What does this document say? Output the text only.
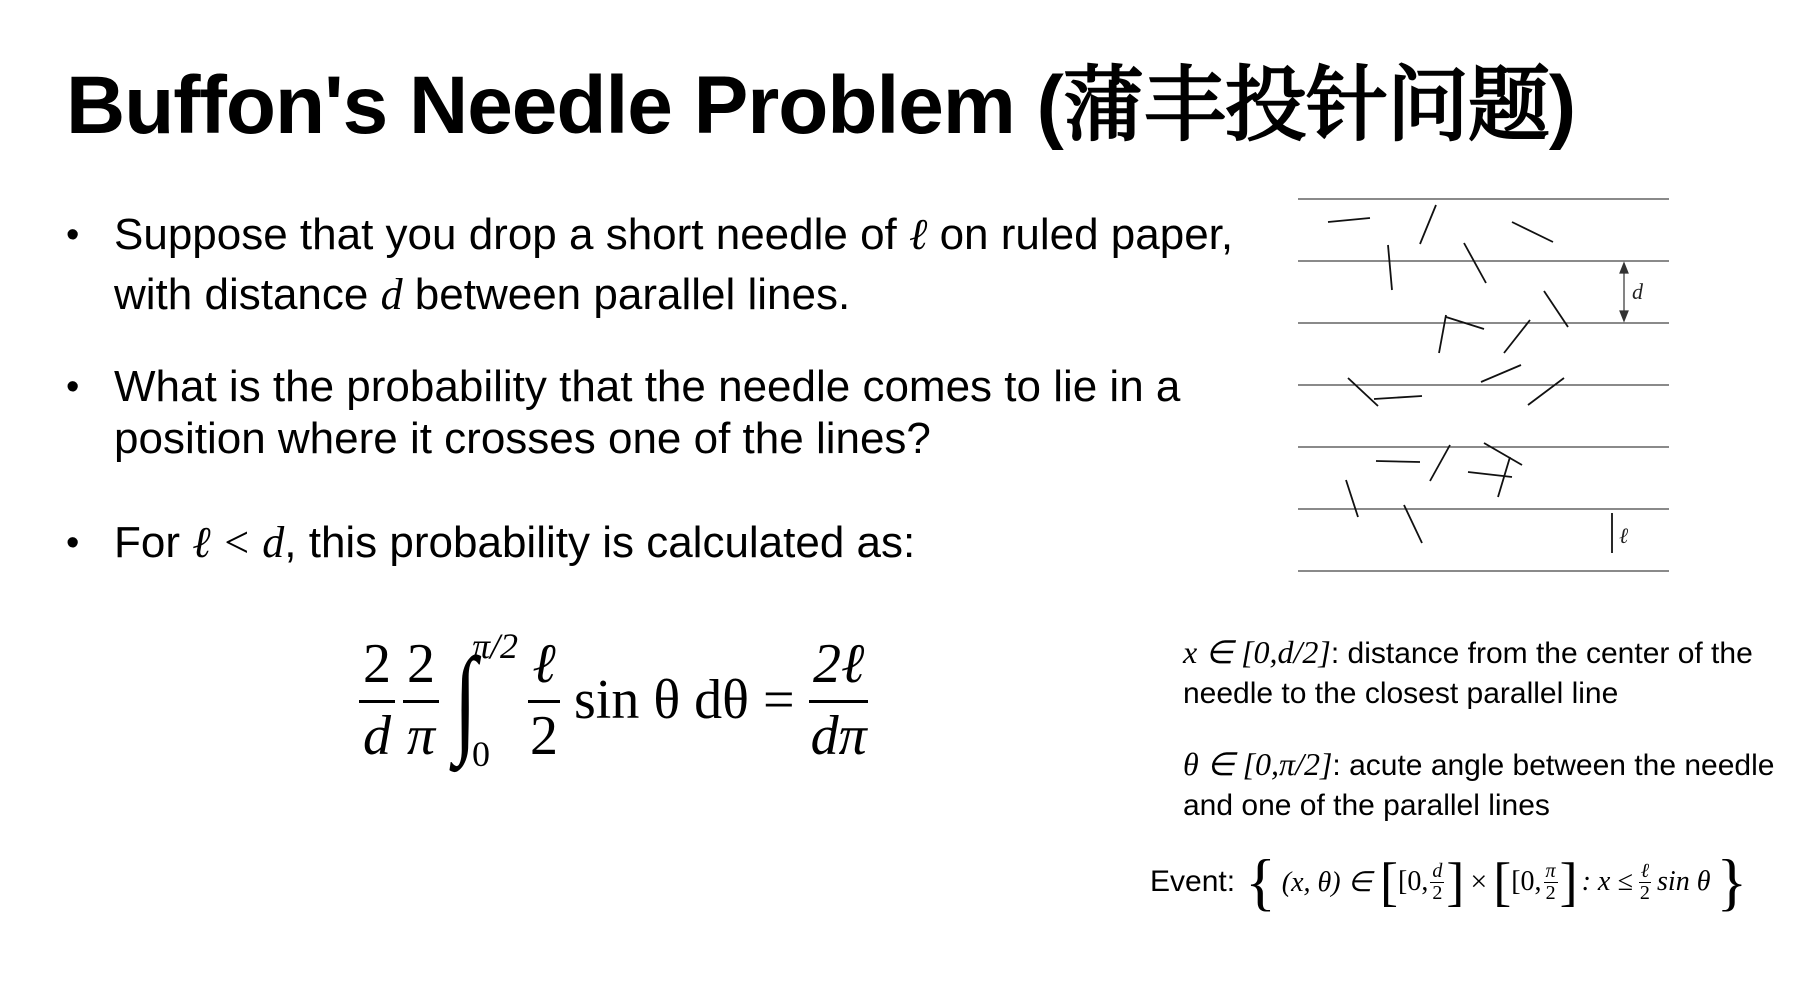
Buffon's Needle Problem (蒲丰投针问题)
• Suppose that you drop a short needle of ℓ on ruled paper, with distance d between parallel lines.
• What is the probability that the needle comes to lie in a position where it crosses one of the lines?
• For ℓ < d, this probability is calculated as:
$\frac{2}{d} \frac{2}{\pi}$ ∫
π/2
$0 \frac{\text{ℓ}}{2}$ sin θ $d\theta = \frac{\text{2ℓ}}{d\pi}$
d
ℓ

x ∈ [0,d/2]: distance from the center of the needle to the closest parallel line

θ ∈ [0,π/2]: acute angle between the needle and one of the parallel lines

Event: { (x, θ) ∈ [ [0, $\frac{d}{2}$ ] × [ [0, $\frac{\pi}{2}$ ] : x ≤ ℓ
2 sin θ }
